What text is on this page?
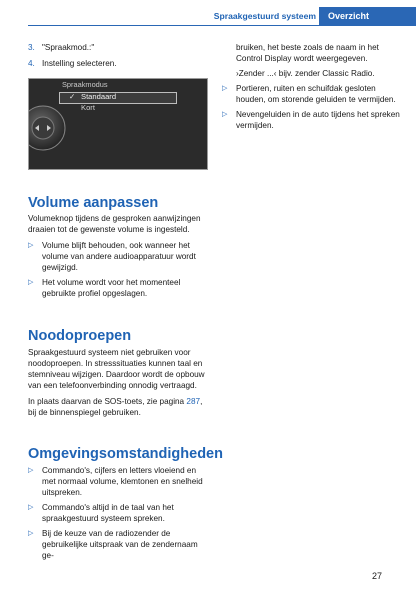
Spraakgestuurd systeem	Overzicht
3. "Spraakmod.:"
4. Instelling selecteren.
Spraakmodus
✓ Standaard
Kort
Volume aanpassen

Volumeknop tijdens de gesproken aanwijzingen draaien tot de gewenste volume is ingesteld.

▷ Volume blijft behouden, ook wanneer het volume van andere audioapparatuur wordt gewijzigd.
▷ Het volume wordt voor het momenteel gebruikte profiel opgeslagen.
Noodoproepen

Spraakgestuurd systeem niet gebruiken voor noodoproepen. In stresssituaties kunnen taal en stemniveau wijzigen. Daardoor wordt de opbouw van een telefoonverbinding onnodig vertraagd.

In plaats daarvan de SOS-toets, zie pagina 287, bij de binnenspiegel gebruiken.

Omgevingsomstandigheden
▷ Commando's, cijfers en letters vloeiend en met normaal volume, klemtonen en snelheid uitspreken.
▷ Commando's altijd in de taal van het spraakgestuurd systeem spreken.
▷ Bij de keuze van de radiozender de gebruikelijke uitspraak van de zendernaam ge-
bruiken, het beste zoals de naam in het Control Display wordt weergegeven.
›Zender ...‹ bijv. zender Classic Radio.
▷ Portieren, ruiten en schuifdak gesloten houden, om storende geluiden te vermijden.
▷ Nevengeluiden in de auto tijdens het spreken vermijden.
27
